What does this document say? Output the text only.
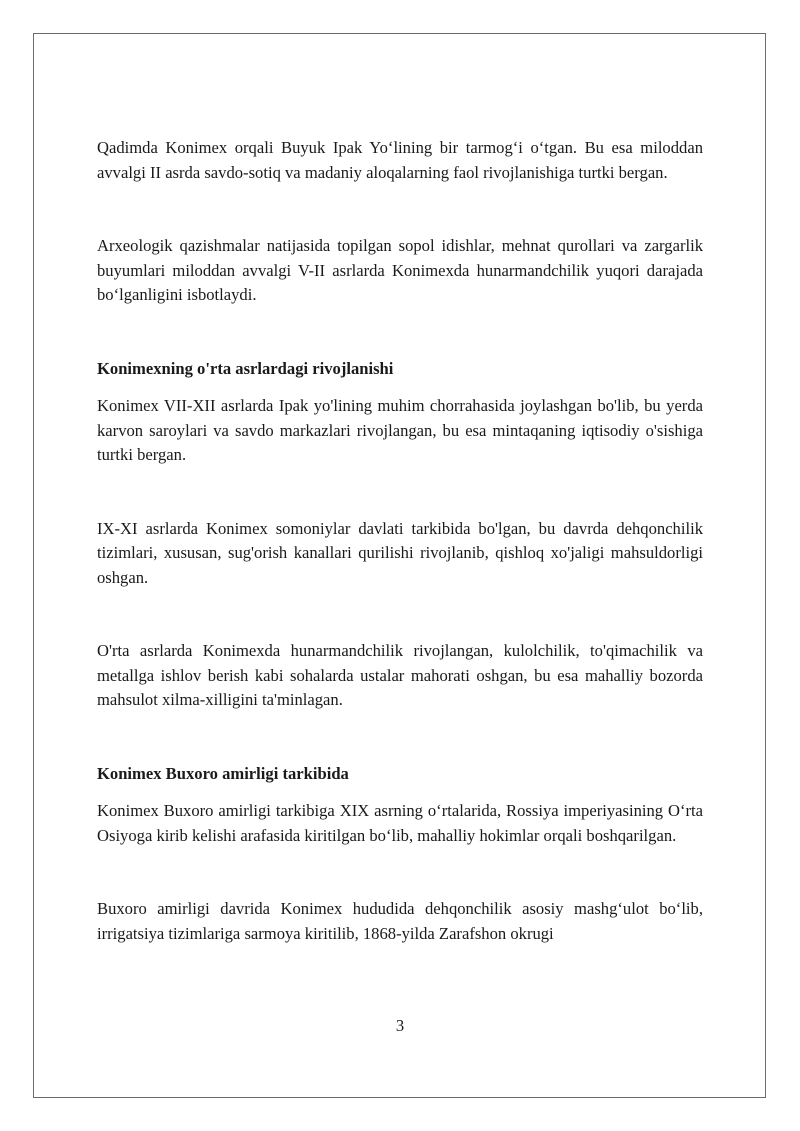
Qadimda Konimex orqali Buyuk Ipak Yo‘lining bir tarmog‘i o‘tgan. Bu esa miloddan avvalgi II asrda savdo-sotiq va madaniy aloqalarning faol rivojlanishiga turtki bergan.

Arxeologik qazishmalar natijasida topilgan sopol idishlar, mehnat qurollari va zargarlik buyumlari miloddan avvalgi V-II asrlarda Konimexda hunarmandchilik yuqori darajada bo‘lganligini isbotlaydi.

Konimexning o'rta asrlardagi rivojlanishi

Konimex VII-XII asrlarda Ipak yo'lining muhim chorrahasida joylashgan bo'lib, bu yerda karvon saroylari va savdo markazlari rivojlangan, bu esa mintaqaning iqtisodiy o'sishiga turtki bergan.

IX-XI asrlarda Konimex somoniylar davlati tarkibida bo'lgan, bu davrda dehqonchilik tizimlari, xususan, sug'orish kanallari qurilishi rivojlanib, qishloq xo'jaligi mahsuldorligi oshgan.

O'rta asrlarda Konimexda hunarmandchilik rivojlangan, kulolchilik, to'qimachilik va metallga ishlov berish kabi sohalarda ustalar mahorati oshgan, bu esa mahalliy bozorda mahsulot xilma-xilligini ta'minlagan.

Konimex Buxoro amirligi tarkibida

Konimex Buxoro amirligi tarkibiga XIX asrning o‘rtalarida, Rossiya imperiyasining O‘rta Osiyoga kirib kelishi arafasida kiritilgan bo‘lib, mahalliy hokimlar orqali boshqarilgan.

Buxoro amirligi davrida Konimex hududida dehqonchilik asosiy mashg‘ulot bo‘lib, irrigatsiya tizimlariga sarmoya kiritilib, 1868-yilda Zarafshon okrugi

3
